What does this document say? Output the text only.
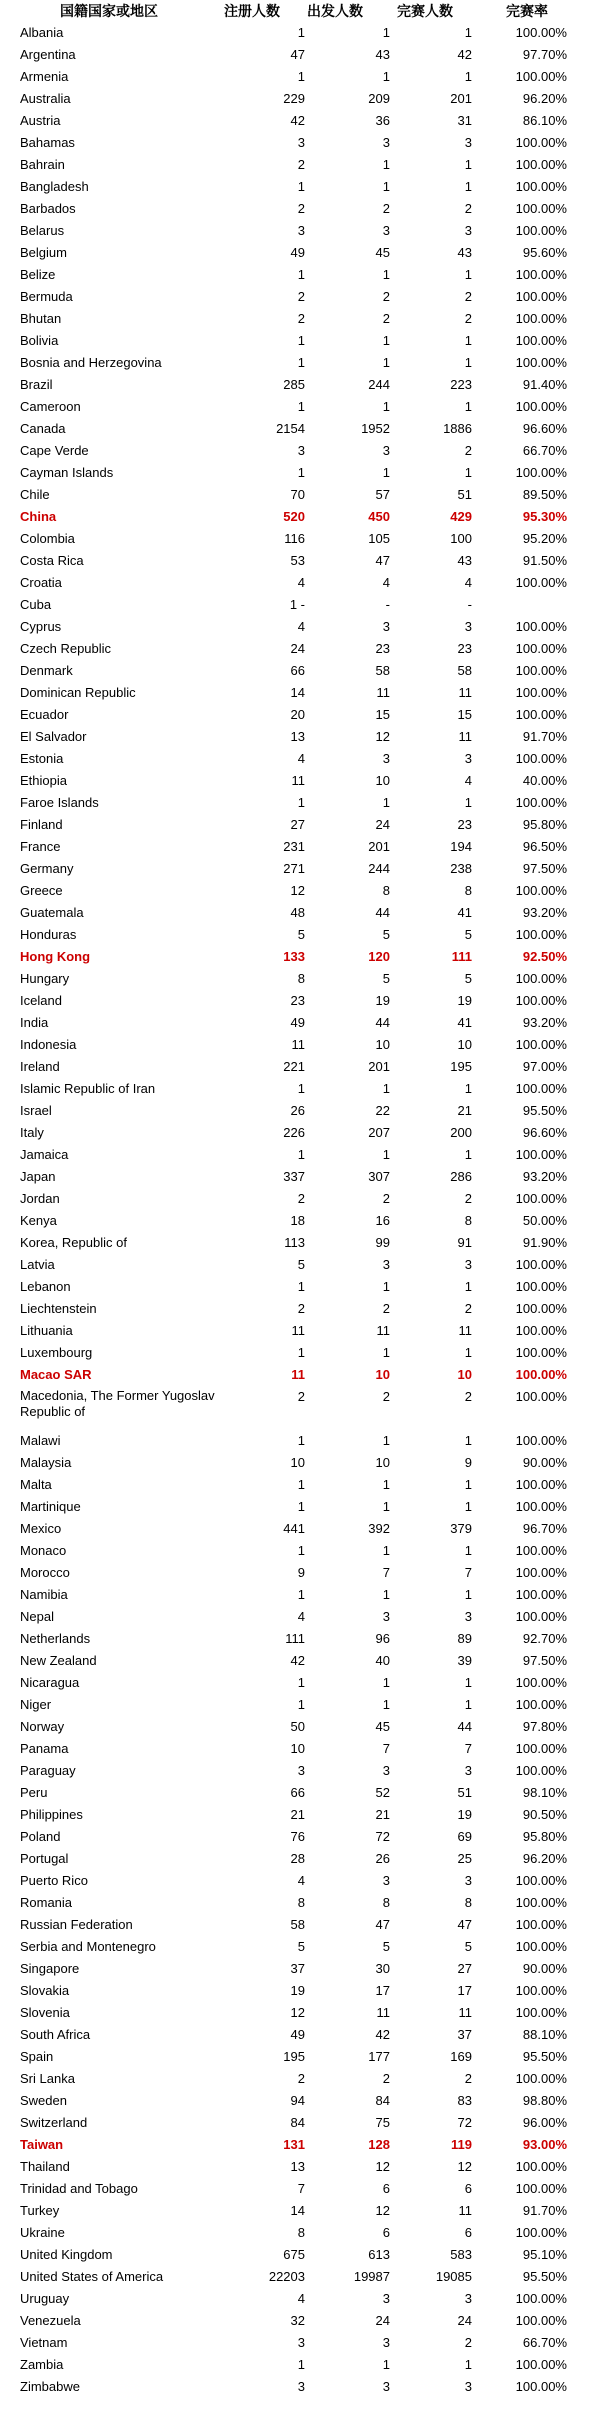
国籍国家或地区	注册人数 出发人数	完赛人数	完赛率
Albania	1	1	1	100.00%
Argentina	47	43	42	97.70%
Armenia	1	1	1	100.00%
Australia	229	209	201	96.20%
Austria	42	36	31	86.10%
Bahamas	3	3	3	100.00%
Bahrain	2	1	1	100.00%
Bangladesh	1	1	1	100.00%
Barbados	2	2	2	100.00%
Belarus	3	3	3	100.00%
Belgium	49	45	43	95.60%
Belize	1	1	1	100.00%
Bermuda	2	2	2	100.00%
Bhutan	2	2	2	100.00%
Bolivia	1	1	1	100.00%
Bosnia and Herzegovina	1	1	1	100.00%
Brazil	285	244	223	91.40%
Cameroon	1	1	1	100.00%
Canada	2154	1952	1886	96.60%
Cape Verde	3	3	2	66.70%
Cayman Islands	1	1	1	100.00%
Chile	70	57	51	89.50%
China	520	450	429	95.30%
Colombia	116	105	100	95.20%
Costa Rica	53	47	43	91.50%
Croatia	4	4	4	100.00%
Cuba	1 -	-	-
Cyprus	4	3	3	100.00%
Czech Republic	24	23	23	100.00%
Denmark	66	58	58	100.00%
Dominican Republic	14	11	11	100.00%
Ecuador	20	15	15	100.00%
El Salvador	13	12	11	91.70%
Estonia	4	3	3	100.00%
Ethiopia	11	10	4	40.00%
Faroe Islands	1	1	1	100.00%
Finland	27	24	23	95.80%
France	231	201	194	96.50%
Germany	271	244	238	97.50%
Greece	12	8	8	100.00%
Guatemala	48	44	41	93.20%
Honduras	5	5	5	100.00%
Hong Kong	133	120	111	92.50%
Hungary	8	5	5	100.00%
Iceland	23	19	19	100.00%
India	49	44	41	93.20%
Indonesia	11	10	10	100.00%
Ireland	221	201	195	97.00%
Islamic Republic of Iran	1	1	1	100.00%
Israel	26	22	21	95.50%
Italy	226	207	200	96.60%
Jamaica	1	1	1	100.00%
Japan	337	307	286	93.20%
Jordan	2	2	2	100.00%
Kenya	18	16	8	50.00%
Korea, Republic of	113	99	91	91.90%
Latvia	5	3	3	100.00%
Lebanon	1	1	1	100.00%
Liechtenstein	2	2	2	100.00%
Lithuania	11	11	11	100.00%
Luxembourg	1	1	1	100.00%
Macao SAR	11	10	10	100.00%
Macedonia, The Former Yugoslav Republic of
2	2	2	100.00%
Malawi	1	1	1	100.00%
Malaysia	10	10	9	90.00%
Malta	1	1	1	100.00%
Martinique	1	1	1	100.00%
Mexico	441	392	379	96.70%
Monaco	1	1	1	100.00%
Morocco	9	7	7	100.00%
Namibia	1	1	1	100.00%
Nepal	4	3	3	100.00%
Netherlands	111	96	89	92.70%
New Zealand	42	40	39	97.50%
Nicaragua	1	1	1	100.00%
Niger	1	1	1	100.00%
Norway	50	45	44	97.80%
Panama	10	7	7	100.00%
Paraguay	3	3	3	100.00%
Peru	66	52	51	98.10%
Philippines	21	21	19	90.50%
Poland	76	72	69	95.80%
Portugal	28	26	25	96.20%
Puerto Rico	4	3	3	100.00%
Romania	8	8	8	100.00%
Russian Federation	58	47	47	100.00%
Serbia and Montenegro	5	5	5	100.00%
Singapore	37	30	27	90.00%
Slovakia	19	17	17	100.00%
Slovenia	12	11	11	100.00%
South Africa	49	42	37	88.10%
Spain	195	177	169	95.50%
Sri Lanka	2	2	2	100.00%
Sweden	94	84	83	98.80%
Switzerland	84	75	72	96.00%
Taiwan	131	128	119	93.00%
Thailand	13	12	12	100.00%
Trinidad and Tobago	7	6	6	100.00%
Turkey	14	12	11	91.70%
Ukraine	8	6	6	100.00%
United Kingdom	675	613	583	95.10%
United States of America	22203	19987	19085	95.50%
Uruguay	4	3	3	100.00%
Venezuela	32	24	24	100.00%
Vietnam	3	3	2	66.70%
Zambia	1	1	1	100.00%
Zimbabwe	3	3	3	100.00%
